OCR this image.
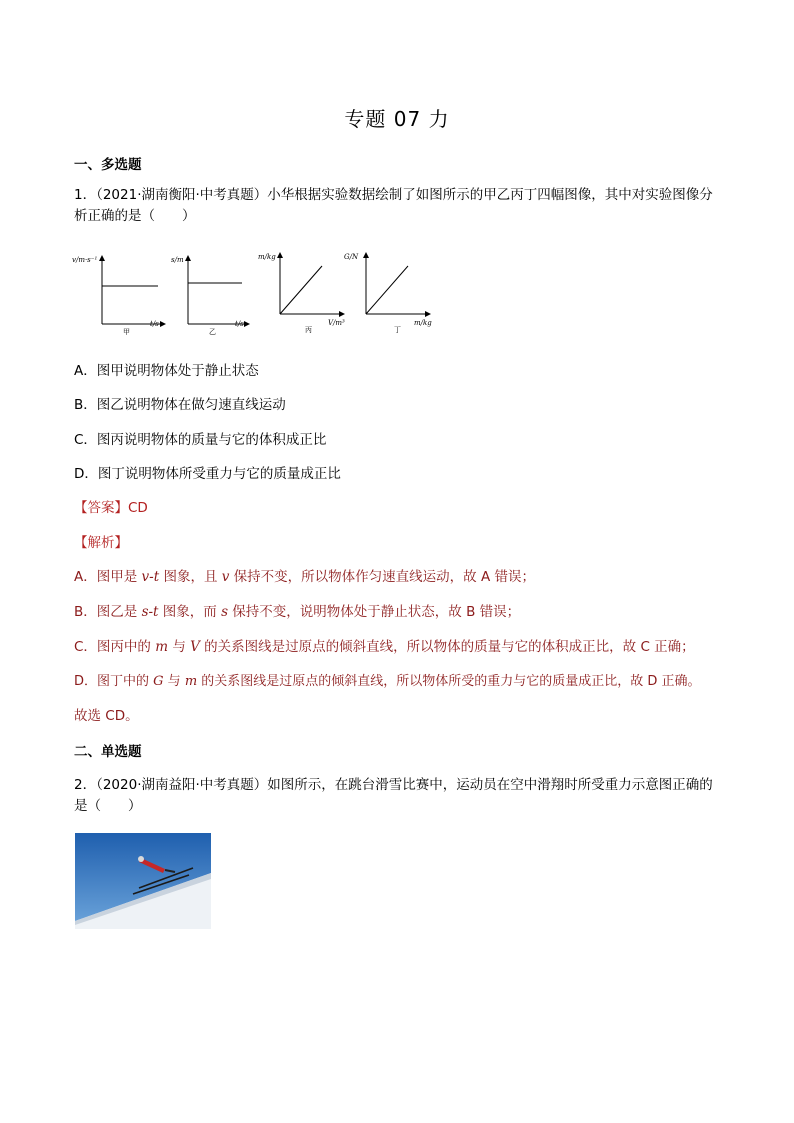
专题 07 力
一、多选题
1．（2021·湖南衡阳·中考真题）小华根据实验数据绘制了如图所示的甲乙丙丁四幅图像，其中对实验图像分
析正确的是（　　）
v/m·s⁻¹
t/s
甲
s/m
t/s
乙
m/kg
V/m³
丙
G/N
m/kg
丁
A．图甲说明物体处于静止状态
B．图乙说明物体在做匀速直线运动
C．图丙说明物体的质量与它的体积成正比
D．图丁说明物体所受重力与它的质量成正比
【答案】CD
【解析】
A．图甲是 v-t 图象，且 v 保持不变，所以物体作匀速直线运动，故 A 错误；
B．图乙是 s-t 图象，而 s 保持不变，说明物体处于静止状态，故 B 错误；
C．图丙中的 m 与 V 的关系图线是过原点的倾斜直线，所以物体的质量与它的体积成正比，故 C 正确；
D．图丁中的 G 与 m 的关系图线是过原点的倾斜直线，所以物体所受的重力与它的质量成正比，故 D 正确。
故选 CD。
二、单选题
2．（2020·湖南益阳·中考真题）如图所示，在跳台滑雪比赛中，运动员在空中滑翔时所受重力示意图正确的
是（　　）
